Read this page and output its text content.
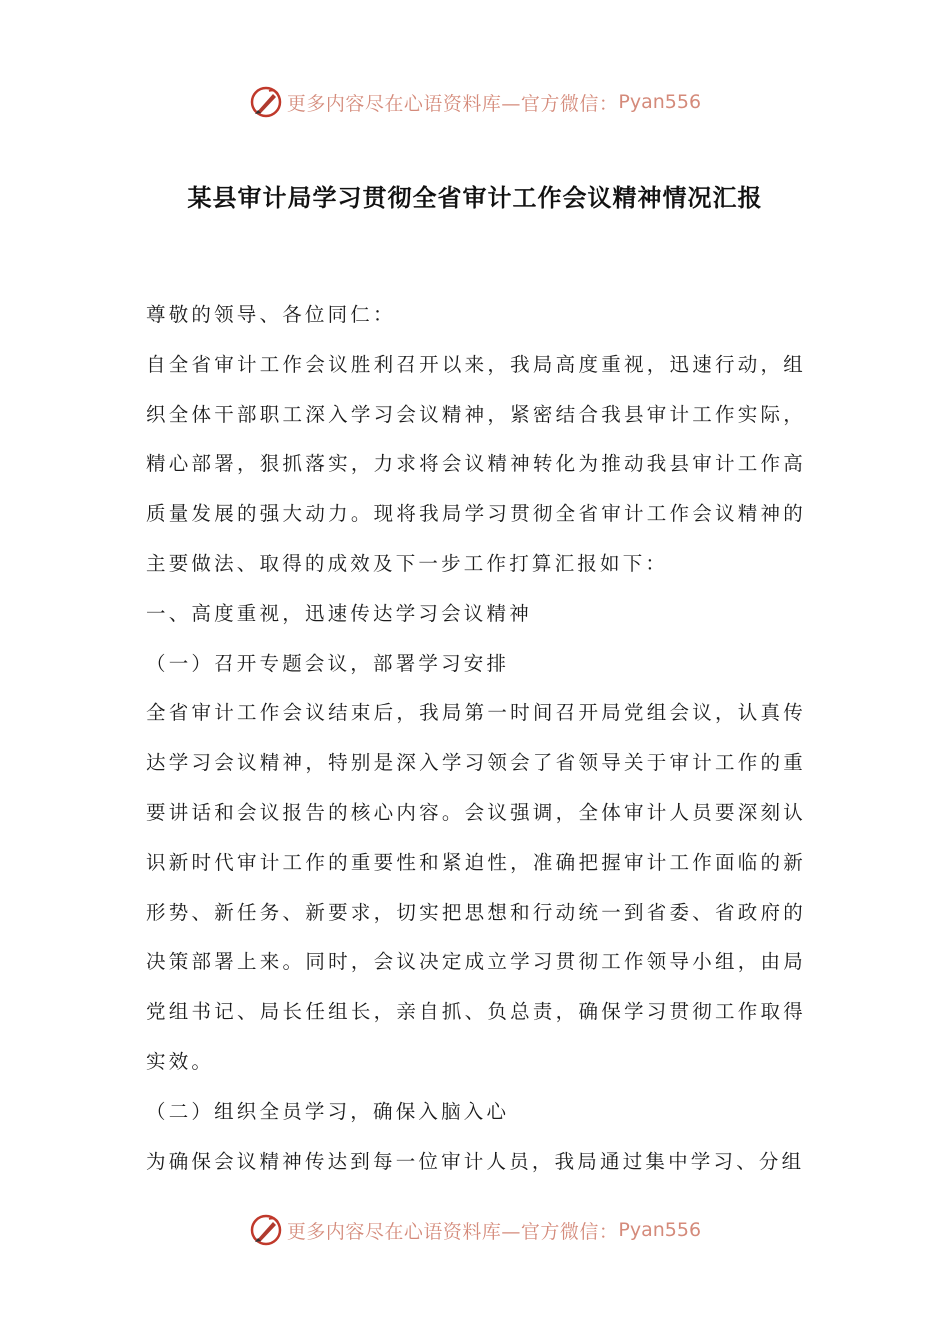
更多内容尽在心语资料库—官方微信： Pyan556
某县审计局学习贯彻全省审计工作会议精神情况汇报

尊敬的领导、各位同仁：

自全省审计工作会议胜利召开以来，我局高度重视，迅速行动，组织全体干部职工深入学习会议精神，紧密结合我县审计工作实际，精心部署，狠抓落实，力求将会议精神转化为推动我县审计工作高质量发展的强大动力。现将我局学习贯彻全省审计工作会议精神的主要做法、取得的成效及下一步工作打算汇报如下：

一、高度重视，迅速传达学习会议精神

（一）召开专题会议，部署学习安排

全省审计工作会议结束后，我局第一时间召开局党组会议，认真传达学习会议精神，特别是深入学习领会了省领导关于审计工作的重要讲话和会议报告的核心内容。会议强调，全体审计人员要深刻认识新时代审计工作的重要性和紧迫性，准确把握审计工作面临的新形势、新任务、新要求，切实把思想和行动统一到省委、省政府的决策部署上来。同时，会议决定成立学习贯彻工作领导小组，由局党组书记、局长任组长，亲自抓、负总责，确保学习贯彻工作取得实效。

（二）组织全员学习，确保入脑入心

为确保会议精神传达到每一位审计人员，我局通过集中学习、分组

更多内容尽在心语资料库—官方微信： Pyan556
